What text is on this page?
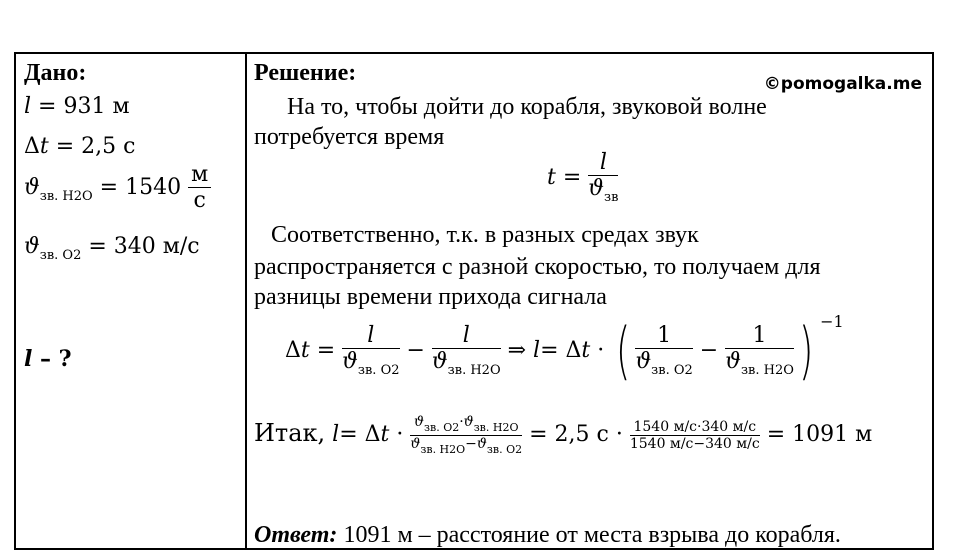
Дано:
l = 931 м
Δt = 2,5 с
$ϑ_{зв. H2O} = 1540 \frac{м}{с}$
$ϑ_{зв. O2} = 340$ м/с
l – ?
Решение:	©pomogalka.me
На то, чтобы дойти до корабля, звуковой волне
потребуется время
$t = \frac{l}{ϑ_{зв}}$
Соответственно, т.к. в разных средах звук
распространяется с разной скоростью, то получаем для
разницы времени прихода сигнала
$\Delta t = \frac{l}{ϑ_{зв. O2}} - \frac{l}{ϑ_{зв. H2O}}$ ⇒ l= Δt · ( $\frac{1}{ϑ_{зв. O2}} - \frac{1}{ϑ_{зв. H2O}}$ ) $^{-1}$
Итак, $l= \Delta t \cdot \frac{ϑ_{зв. O2}\cdot ϑ_{зв. H2O}}{ϑ_{зв. H2O}-ϑ_{зв. O2}} = 2,5$ $с \cdot \frac{1540 м/с\cdot 340 м/с}{1540 м/с-340 м/с} = 1091$ м
Ответ: 1091 м – расстояние от места взрыва до корабля.
